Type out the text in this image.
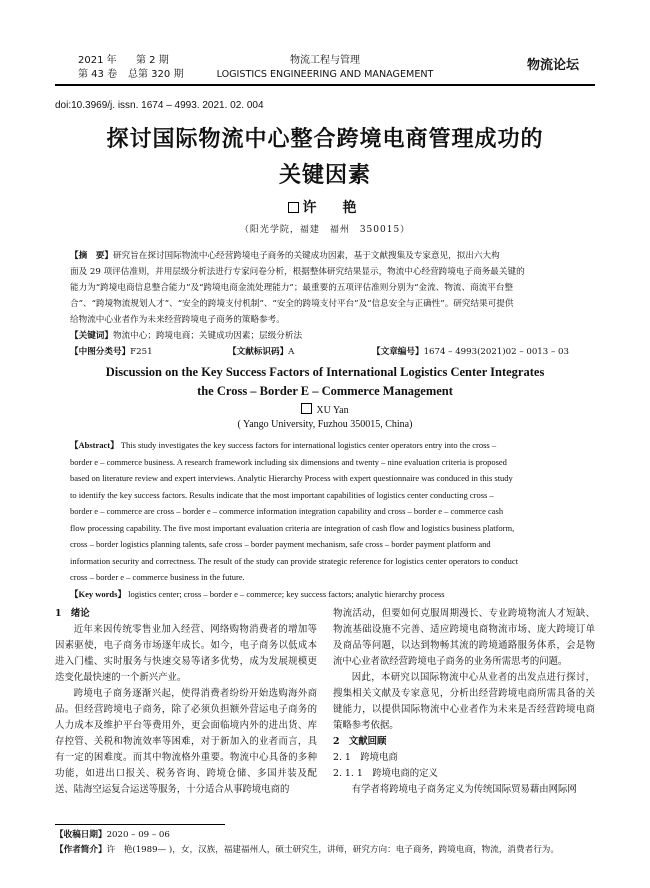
2021 年 第 2 期
第 43 卷 总第 320 期
物流工程与管理
LOGISTICS ENGINEERING AND MANAGEMENT
物流论坛
doi:10.3969/j. issn. 1674 – 4993. 2021. 02. 004
探讨国际物流中心整合跨境电商管理成功的
关键因素
许　艳
（阳光学院，福建　福州　350015）
【摘　要】研究旨在探讨国际物流中心经营跨境电子商务的关键成功因素，基于文献搜集及专家意见，拟出六大构
面及 29 项评估准则，并用层级分析法进行专家问卷分析，根据整体研究结果显示，物流中心经营跨境电子商务最关键的
能力为“跨境电商信息整合能力”及“跨境电商金流处理能力”；最重要的五项评估准则分别为“金流、物流、商流平台整
合”、“跨境物流规划人才”、“安全的跨境支付机制”、“安全的跨境支付平台”及“信息安全与正确性”。研究结果可提供
给物流中心业者作为未来经营跨境电子商务的策略参考。
【关键词】物流中心；跨境电商；关键成功因素；层级分析法
【中图分类号】F251	【文献标识码】A	【文章编号】1674 – 4993(2021)02 – 0013 – 03
Discussion on the Key Success Factors of International Logistics Center Integrates
the Cross – Border E – Commerce Management
XU Yan
( Yango University, Fuzhou 350015, China)
【Abstract】 This study investigates the key success factors for international logistics center operators entry into the cross –
border e – commerce business. A research framework including six dimensions and twenty – nine evaluation criteria is proposed
based on literature review and expert interviews. Analytic Hierarchy Process with expert questionnaire was conduced in this study
to identify the key success factors. Results indicate that the most important capabilities of logistics center conducting cross –
border e – commerce are cross – border e – commerce information integration capability and cross – border e – commerce cash
flow processing capability. The five most important evaluation criteria are integration of cash flow and logistics business platform,
cross – border logistics planning talents, safe cross – border payment mechanism, safe cross – border payment platform and
information security and correctness. The result of the study can provide strategic reference for logistics center operators to conduct
cross – border e – commerce business in the future.
【Key words】 logistics center; cross – border e – commerce; key success factors; analytic hierarchy process

1　绪论

近年来因传统零售业加入经营、网络购物消费者的增加等因素驱使，电子商务市场逐年成长。如今，电子商务以低成本进入门槛、实时服务与快速交易等诸多优势，成为发展规模更迭变化最快速的一个新兴产业。

跨境电子商务逐渐兴起，使得消费者纷纷开始选购海外商品。但经营跨境电子商务，除了必须负担额外营运电子商务的人力成本及维护平台等费用外，更会面临境内外的进出货、库存控管、关税和物流效率等困难，对于新加入的业者而言，具有一定的困难度。而其中物流格外重要。物流中心具备的多种功能，如进出口报关、税务咨询、跨境仓储、多国并装及配送、陆海空运复合运送等服务，十分适合从事跨境电商的

物流活动，但要如何克服周期漫长、专业跨境物流人才短缺、物流基础设施不完善、适应跨境电商物流市场、庞大跨境订单及商品等问题，以达到物畅其流的跨境通路服务体系，会是物流中心业者欲经营跨境电子商务的业务所需思考的问题。

因此，本研究以国际物流中心从业者的出发点进行探讨，搜集相关文献及专家意见，分析出经营跨境电商所需具备的关键能力，以提供国际物流中心业者作为未来是否经营跨境电商策略参考依据。

2　文献回顾

2. 1　跨境电商

2. 1. 1　跨境电商的定义

有学者将跨境电子商务定义为传统国际贸易藉由网际网

【收稿日期】2020 – 09 – 06
【作者简介】许　艳(1989— )，女，汉族，福建福州人，硕士研究生，讲师，研究方向：电子商务，跨境电商，物流，消费者行为。
